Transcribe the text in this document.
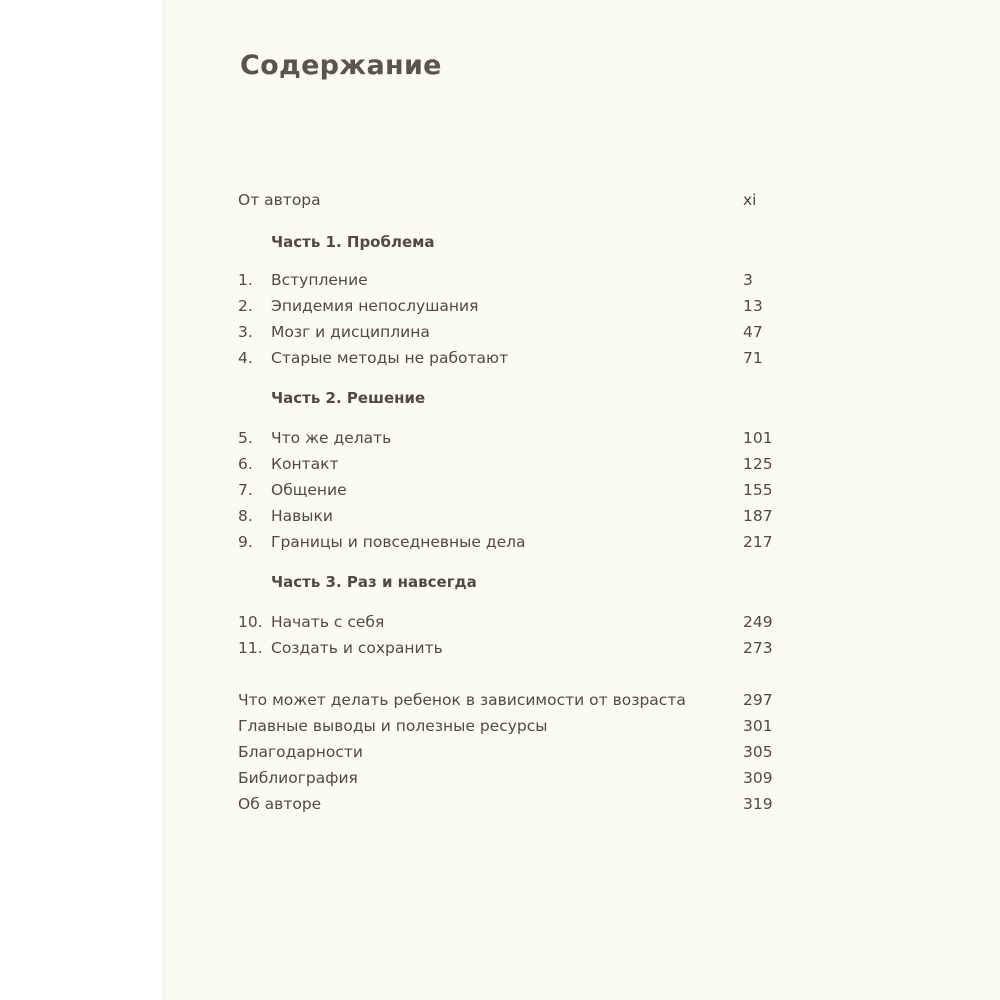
Содержание
От автора	xi
Часть 1. Проблема
1. Вступление	3
2. Эпидемия непослушания	13
3. Мозг и дисциплина	47
4. Старые методы не работают	71
Часть 2. Решение
5. Что же делать	101
6. Контакт	125
7. Общение	155
8. Навыки	187
9. Границы и повседневные дела	217
Часть 3. Раз и навсегда
10. Начать с себя	249
11. Создать и сохранить	273
Что может делать ребенок в зависимости от возраста	297
Главные выводы и полезные ресурсы	301
Благодарности	305
Библиография	309
Об авторе	319
